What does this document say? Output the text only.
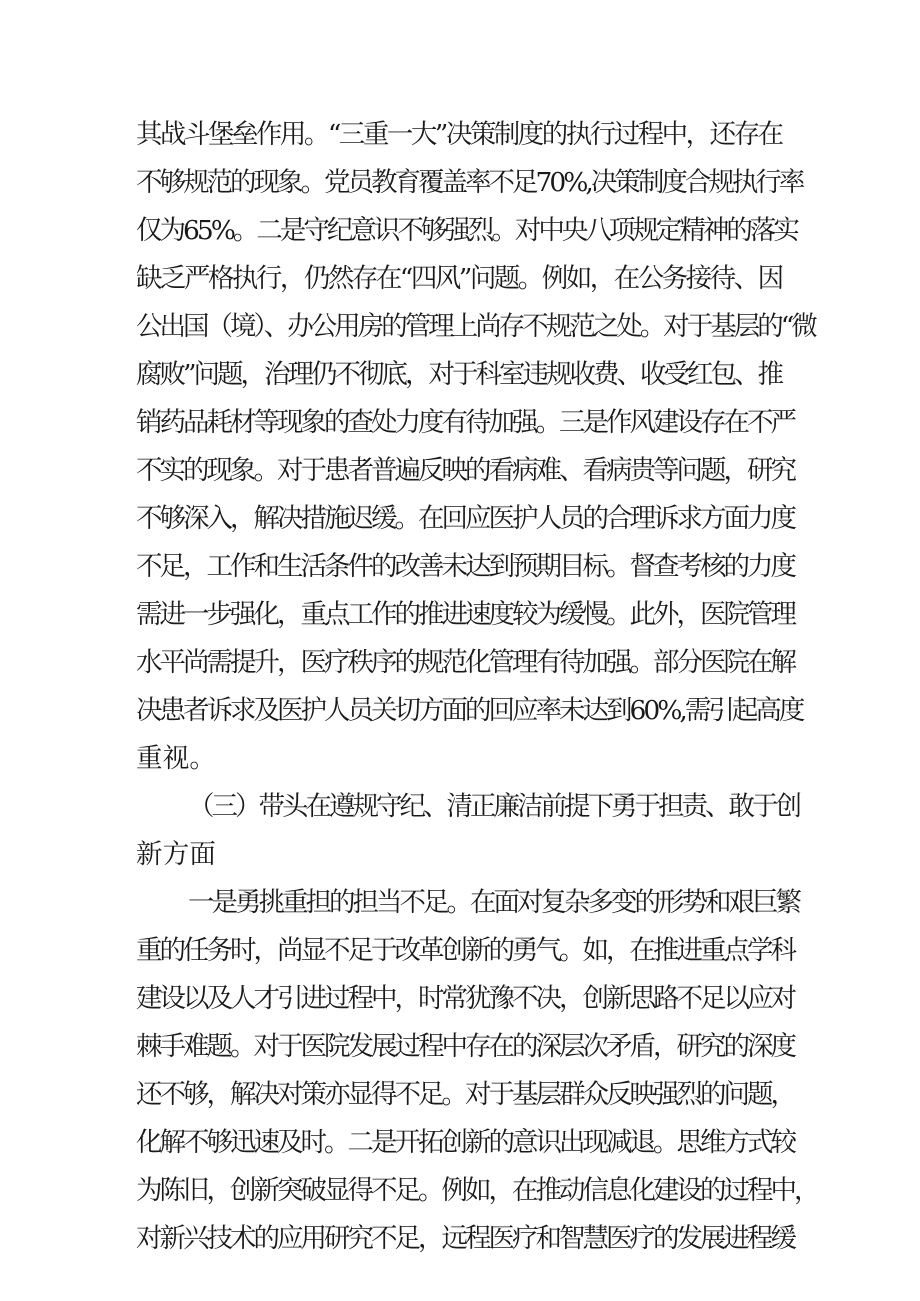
其战斗堡垒作用。“三重一大”决策制度的执行过程中，还存在
不够规范的现象。党员教育覆盖率不足70%,决策制度合规执行率
仅为65%。二是守纪意识不够强烈。对中央八项规定精神的落实
缺乏严格执行，仍然存在“四风”问题。例如，在公务接待、因
公出国（境）、办公用房的管理上尚存不规范之处。对于基层的“微
腐败”问题，治理仍不彻底，对于科室违规收费、收受红包、推
销药品耗材等现象的查处力度有待加强。三是作风建设存在不严
不实的现象。对于患者普遍反映的看病难、看病贵等问题，研究
不够深入，解决措施迟缓。在回应医护人员的合理诉求方面力度
不足，工作和生活条件的改善未达到预期目标。督查考核的力度
需进一步强化，重点工作的推进速度较为缓慢。此外，医院管理
水平尚需提升，医疗秩序的规范化管理有待加强。部分医院在解
决患者诉求及医护人员关切方面的回应率未达到60%,需引起高度
重视。
（三）带头在遵规守纪、清正廉洁前提下勇于担责、敢于创
新方面
一是勇挑重担的担当不足。在面对复杂多变的形势和艰巨繁
重的任务时，尚显不足于改革创新的勇气。如，在推进重点学科
建设以及人才引进过程中，时常犹豫不决，创新思路不足以应对
棘手难题。对于医院发展过程中存在的深层次矛盾，研究的深度
还不够，解决对策亦显得不足。对于基层群众反映强烈的问题，
化解不够迅速及时。二是开拓创新的意识出现减退。思维方式较
为陈旧，创新突破显得不足。例如，在推动信息化建设的过程中，
对新兴技术的应用研究不足，远程医疗和智慧医疗的发展进程缓
